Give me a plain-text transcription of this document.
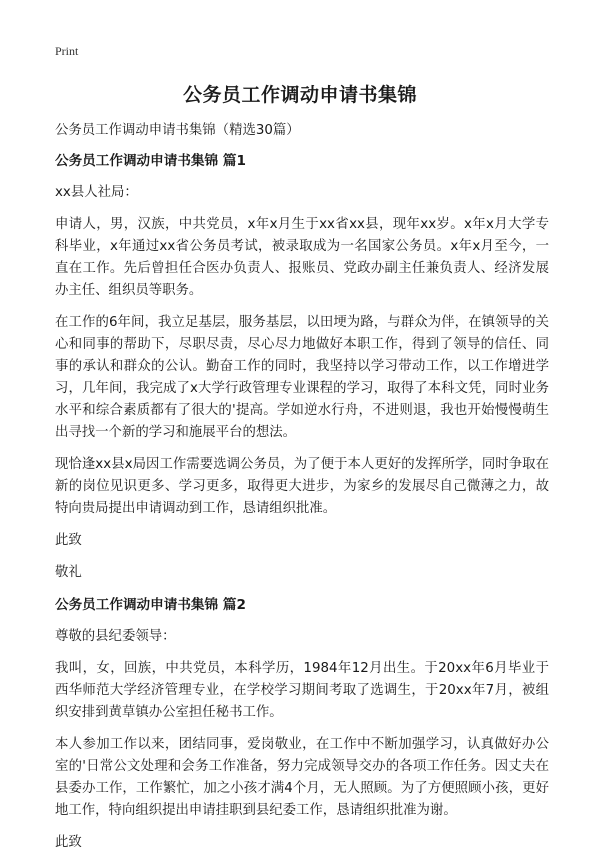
Print
公务员工作调动申请书集锦

公务员工作调动申请书集锦（精选30篇）

公务员工作调动申请书集锦 篇1

xx县人社局：

申请人，男，汉族，中共党员，x年x月生于xx省xx县，现年xx岁。x年x月大学专科毕业，x年通过xx省公务员考试，被录取成为一名国家公务员。x年x月至今，一直在工作。先后曾担任合医办负责人、报账员、党政办副主任兼负责人、经济发展办主任、组织员等职务。

在工作的6年间，我立足基层，服务基层，以田埂为路，与群众为伴，在镇领导的关心和同事的帮助下，尽职尽责，尽心尽力地做好本职工作，得到了领导的信任、同事的承认和群众的公认。勤奋工作的同时，我坚持以学习带动工作，以工作增进学习，几年间，我完成了x大学行政管理专业课程的学习，取得了本科文凭，同时业务水平和综合素质都有了很大的'提高。学如逆水行舟，不进则退，我也开始慢慢萌生出寻找一个新的学习和施展平台的想法。

现恰逢xx县x局因工作需要选调公务员，为了便于本人更好的发挥所学，同时争取在新的岗位见识更多、学习更多，取得更大进步，为家乡的发展尽自己微薄之力，故特向贵局提出申请调动到工作，恳请组织批准。

此致

敬礼

公务员工作调动申请书集锦 篇2

尊敬的县纪委领导：

我叫，女，回族，中共党员，本科学历，1984年12月出生。于20xx年6月毕业于西华师范大学经济管理专业，在学校学习期间考取了选调生，于20xx年7月，被组织安排到黄草镇办公室担任秘书工作。

本人参加工作以来，团结同事，爱岗敬业，在工作中不断加强学习，认真做好办公室的'日常公文处理和会务工作准备，努力完成领导交办的各项工作任务。因丈夫在县委办工作，工作繁忙，加之小孩才满4个月，无人照顾。为了方便照顾小孩，更好地工作，特向组织提出申请挂职到县纪委工作，恳请组织批准为谢。

此致
